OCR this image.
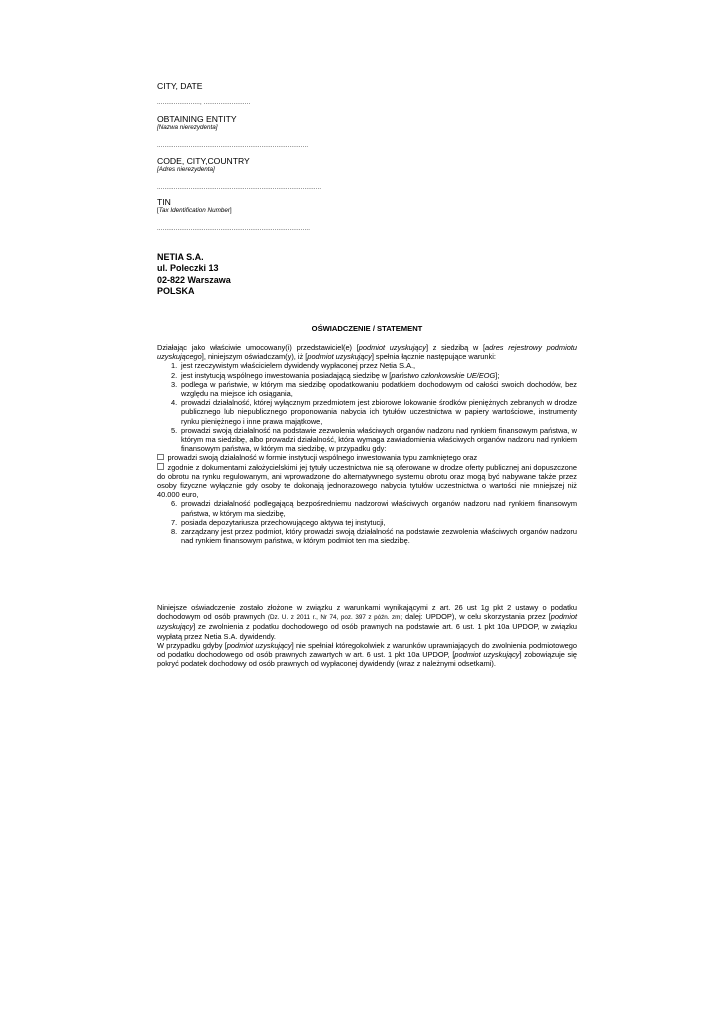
CITY, DATE
......................., .........................
OBTAINING ENTITY
[Nazwa nierezydenta]
.................................................................................
CODE, CITY,COUNTRY
[Adres nierezydenta]
........................................................................................
TIN
[Tax Identification Number]
..................................................................................
NETIA S.A.
ul. Poleczki 13
02-822 Warszawa
POLSKA
OŚWIADCZENIE / STATEMENT

Działając jako właściwie umocowany(i) przedstawiciel(e) [podmiot uzyskujący] z siedzibą w [adres rejestrowy podmiotu uzyskującego], niniejszym oświadczam(y), iż [podmiot uzyskujący] spełnia łącznie następujące warunki:

1. jest rzeczywistym właścicielem dywidendy wypłaconej przez Netia S.A.,
2. jest instytucją wspólnego inwestowania posiadającą siedzibę w [państwo członkowskie UE/EOG];
3. podlega w państwie, w którym ma siedzibę opodatkowaniu podatkiem dochodowym od całości swoich dochodów, bez względu na miejsce ich osiągania,
4. prowadzi działalność, której wyłącznym przedmiotem jest zbiorowe lokowanie środków pieniężnych zebranych w drodze publicznego lub niepublicznego proponowania nabycia ich tytułów uczestnictwa w papiery wartościowe, instrumenty rynku pieniężnego i inne prawa majątkowe,
5. prowadzi swoją działalność na podstawie zezwolenia właściwych organów nadzoru nad rynkiem finansowym państwa, w którym ma siedzibę, albo prowadzi działalność, która wymaga zawiadomienia właściwych organów nadzoru nad rynkiem finansowym państwa, w którym ma siedzibę, w przypadku gdy:

prowadzi swoją działalność w formie instytucji wspólnego inwestowania typu zamkniętego oraz

zgodnie z dokumentami założycielskimi jej tytuły uczestnictwa nie są oferowane w drodze oferty publicznej ani dopuszczone do obrotu na rynku regulowanym, ani wprowadzone do alternatywnego systemu obrotu oraz mogą być nabywane także przez osoby fizyczne wyłącznie gdy osoby te dokonają jednorazowego nabycia tytułów uczestnictwa o wartości nie mniejszej niż 40.000 euro,

6. prowadzi działalność podlegającą bezpośredniemu nadzorowi właściwych organów nadzoru nad rynkiem finansowym państwa, w którym ma siedzibę,
7. posiada depozytariusza przechowującego aktywa tej instytucji,
8. zarządzany jest przez podmiot, który prowadzi swoją działalność na podstawie zezwolenia właściwych organów nadzoru nad rynkiem finansowym państwa, w którym podmiot ten ma siedzibę.

Niniejsze oświadczenie zostało złożone w związku z warunkami wynikającymi z art. 26 ust 1g pkt 2 ustawy o podatku dochodowym od osób prawnych (Dz. U. z 2011 r., Nr 74, poz. 397 z późn. zm; dalej: UPDOP), w celu skorzystania przez [podmiot uzyskujący] ze zwolnienia z podatku dochodowego od osób prawnych na podstawie art. 6 ust. 1 pkt 10a UPDOP, w związku wypłatą przez Netia S.A. dywidendy.

W przypadku gdyby [podmiot uzyskujący] nie spełniał któregokolwiek z warunków uprawniających do zwolnienia podmiotowego od podatku dochodowego od osób prawnych zawartych w art. 6 ust. 1 pkt 10a UPDOP, [podmiot uzyskujący] zobowiązuje się pokryć podatek dochodowy od osób prawnych od wypłaconej dywidendy (wraz z należnymi odsetkami).
